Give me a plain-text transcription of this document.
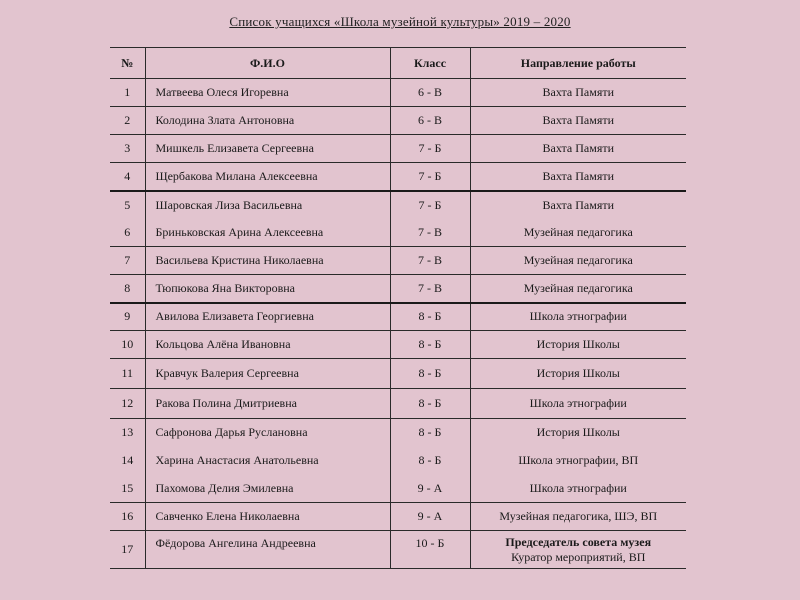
Список учащихся «Школа музейной культуры» 2019 – 2020
№	Ф.И.О	Класс	Направление работы
1	Матвеева Олеся Игоревна	6 - В	Вахта Памяти
2	Колодина Злата Антоновна	6 - В	Вахта Памяти
3	Мишкель Елизавета Сергеевна	7 - Б	Вахта Памяти
4	Щербакова Милана Алексеевна	7 - Б	Вахта Памяти
5	Шаровская Лиза Васильевна	7 - Б	Вахта Памяти
6	Бриньковская Арина Алексеевна	7 - В	Музейная педагогика
7	Васильева Кристина Николаевна	7 - В	Музейная педагогика
8	Тюпюкова Яна Викторовна	7 - В	Музейная педагогика
9	Авилова Елизавета Георгиевна	8 - Б	Школа этнографии
10	Кольцова Алёна Ивановна	8 - Б	История Школы
11	Кравчук Валерия Сергеевна	8 - Б	История Школы
12	Ракова Полина Дмитриевна	8 - Б	Школа этнографии
13	Сафронова Дарья Руслановна	8 - Б	История Школы
14	Харина Анастасия Анатольевна	8 - Б	Школа этнографии, ВП
15	Пахомова Делия Эмилевна	9 - А	Школа этнографии
16	Савченко Елена Николаевна	9 - А	Музейная педагогика, ШЭ, ВП
17	Фёдорова Ангелина Андреевна	10 - Б	Председатель совета музея
Куратор мероприятий, ВП
